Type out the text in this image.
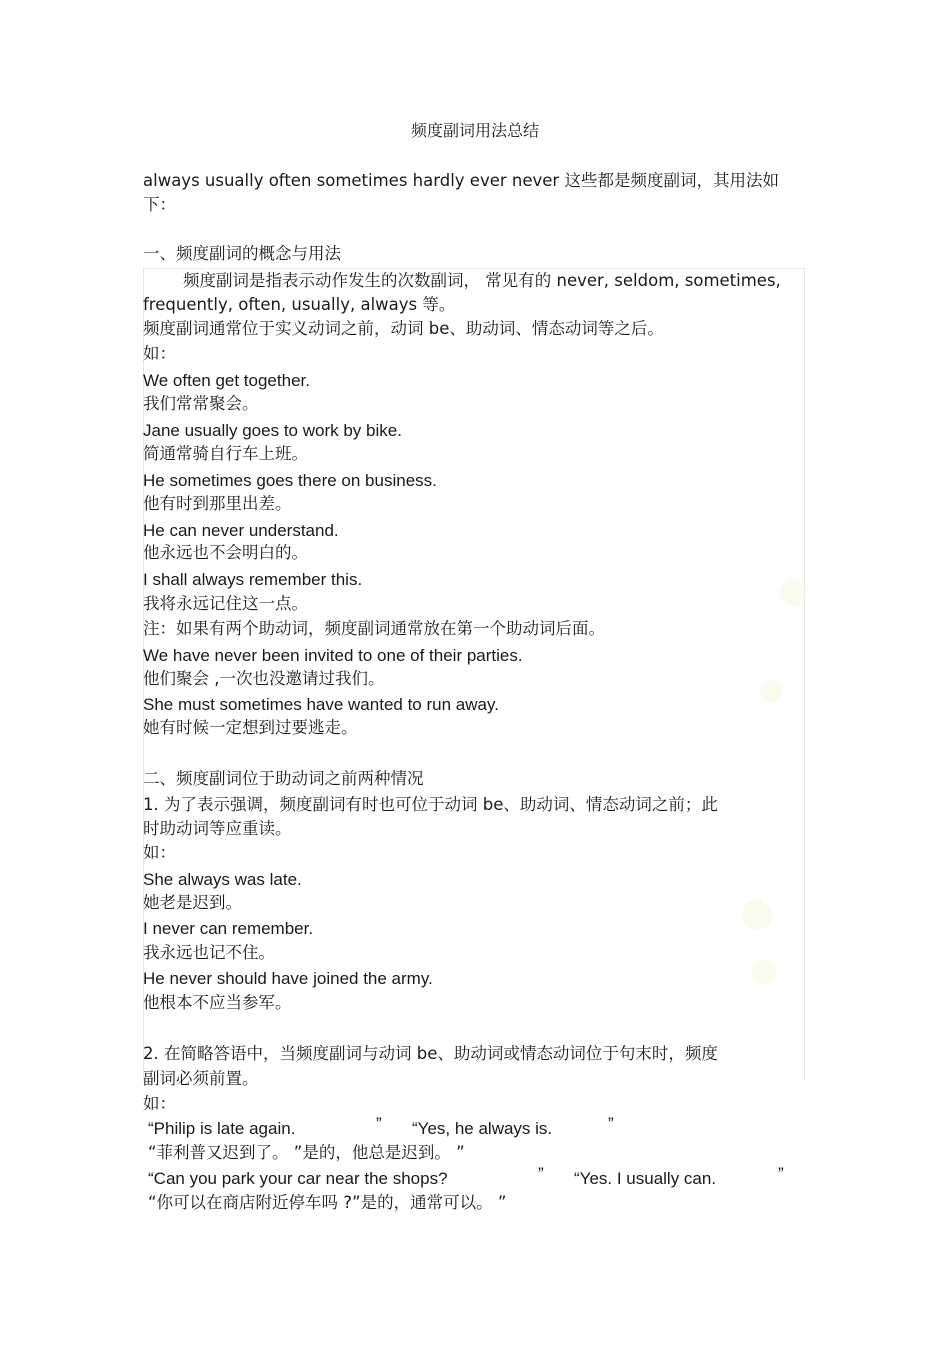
频度副词用法总结
always usually often sometimes hardly ever never 这些都是频度副词，其用法如
下：
一、频度副词的概念与用法
频度副词是指表示动作发生的次数副词， 常见有的 never, seldom, sometimes,
frequently, often, usually, always 等。
频度副词通常位于实义动词之前，动词 be、助动词、情态动词等之后。
如：
We often get together.
我们常常聚会。
Jane usually goes to work by bike.
简通常骑自行车上班。
He sometimes goes there on business.
他有时到那里出差。
He can never understand.
他永远也不会明白的。
I shall always remember this.
我将永远记住这一点。
注：如果有两个助动词，频度副词通常放在第一个助动词后面。
We have never been invited to one of their parties.
他们聚会 ,一次也没邀请过我们。
She must sometimes have wanted to run away.
她有时候一定想到过要逃走。
二、频度副词位于助动词之前两种情况
1. 为了表示强调，频度副词有时也可位于动词 be、助动词、情态动词之前；此
时助动词等应重读。
如：
She always was late.
她老是迟到。
I never can remember.
我永远也记不住。
He never should have joined the army.
他根本不应当参军。
2. 在简略答语中，当频度副词与动词 be、助动词或情态动词位于句末时，频度
副词必须前置。
如：
“Philip is late again.	” “Yes, he always is.	”
“菲利普又迟到了。 ”是的，他总是迟到。 ”
“Can you park your car near the shops?	” “Yes. I usually can.	”
“你可以在商店附近停车吗 ?”是的，通常可以。 ”
